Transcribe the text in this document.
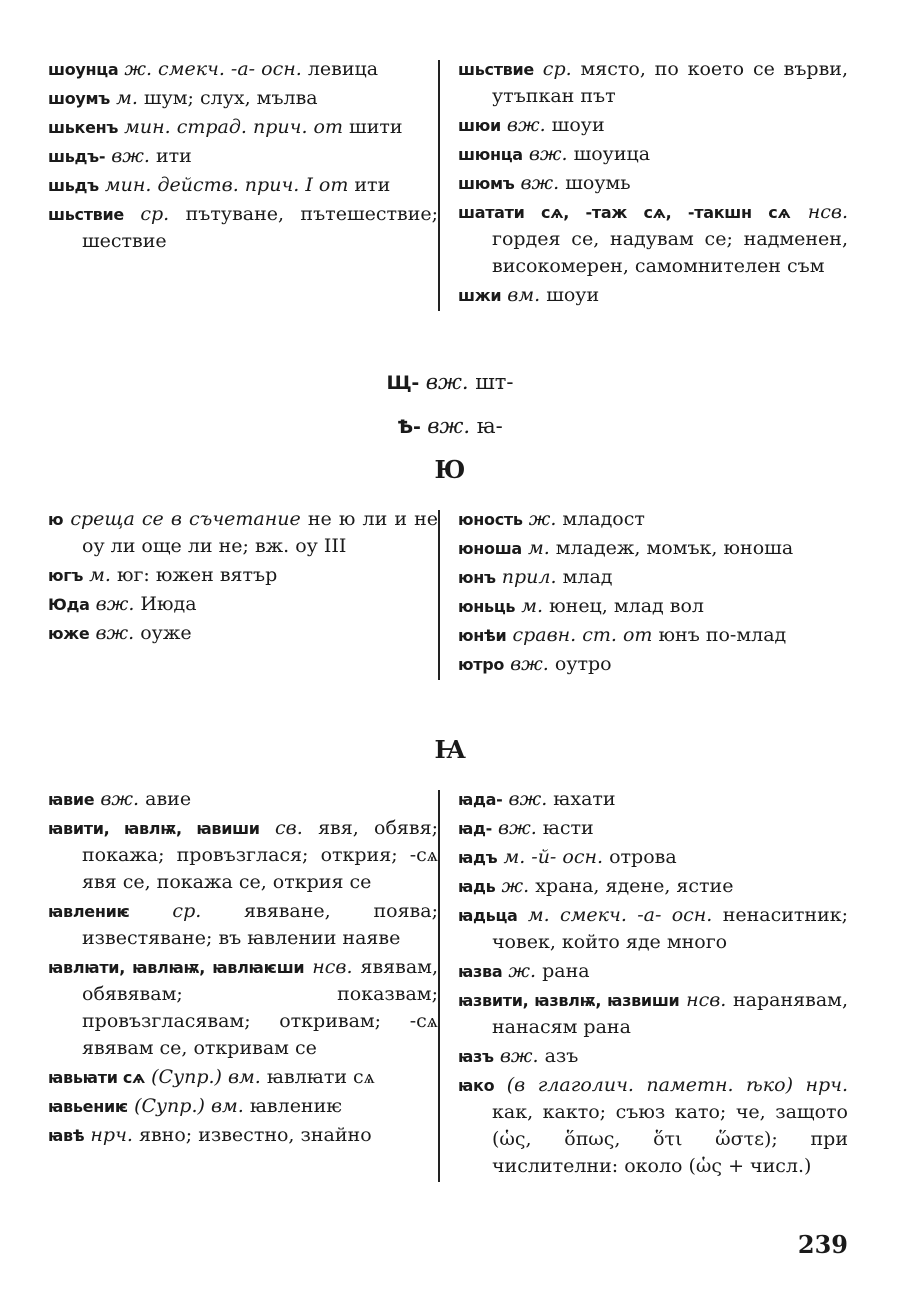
шоунца ж. смекч. -а- осн. левица

шоумъ м. шум; слух, мълва

шькенъ мин. страд. прич. от шити

шьдъ- вж. ити

шьдъ мин. действ. прич. I от ити

шьствие ср. пътуване, пътешествие; шествие

шьствие ср. място, по което се върви, утъпкан път

шюи вж. шоуи

шюнца вж. шоуица

шюмъ вж. шоумь

шатати сѧ, -таж сѧ, -такшн сѧ нсв. гордея се, надувам се; надменен, високомерен, самомнителен съм

шжи вм. шоуи

Щ- вж. шт-
Ѣ- вж. ꙗ-
Ю

ю среща се в съчетание не ю ли и не оу ли още ли не; вж. оу III

югъ м. юг: южен вятър

Юда вж. Июда

юже вж. оуже

юность ж. младост

юноша м. младеж, момък, юноша

юнъ прил. млад

юньць м. юнец, млад вол

юнѣи сравн. ст. от юнъ по-млад

ютро вж. оутро

Ꙗ

ꙗвие вж. авие

ꙗвити, ꙗвлѭ, ꙗвиши св. явя, обявя; покажа; провъзглася; открия; -сѧ явя се, покажа се, открия се

ꙗвлениѥ ср. явяване, поява; известяване; въ ꙗвлении наяве

ꙗвлꙗти, ꙗвлꙗѭ, ꙗвлꙗѥши нсв. явявам, обявявам; показвам; провъзгласявам; откривам; -сѧ явявам се, откривам се

ꙗвьꙗти сѧ (Супр.) вм. ꙗвлꙗти сѧ

ꙗвьениѥ (Супр.) вм. ꙗвлениѥ

ꙗвѣ нрч. явно; известно, знайно

ꙗда- вж. ꙗхати

ꙗд- вж. ꙗсти

ꙗдъ м. -й- осн. отрова

ꙗдь ж. храна, ядене, ястие

ꙗдьца м. смекч. -а- осн. ненаситник; човек, който яде много

ꙗзва ж. рана

ꙗзвити, ꙗзвлѭ, ꙗзвиши нсв. наранявам, нанасям рана

ꙗзъ вж. азъ

ꙗко (в глаголич. паметн. ѣко) нрч. как, както; съюз като; че, защото (ὡς, ὅπως, ὅτι ὥστε); при числителни: около (ὡς + числ.)

239
